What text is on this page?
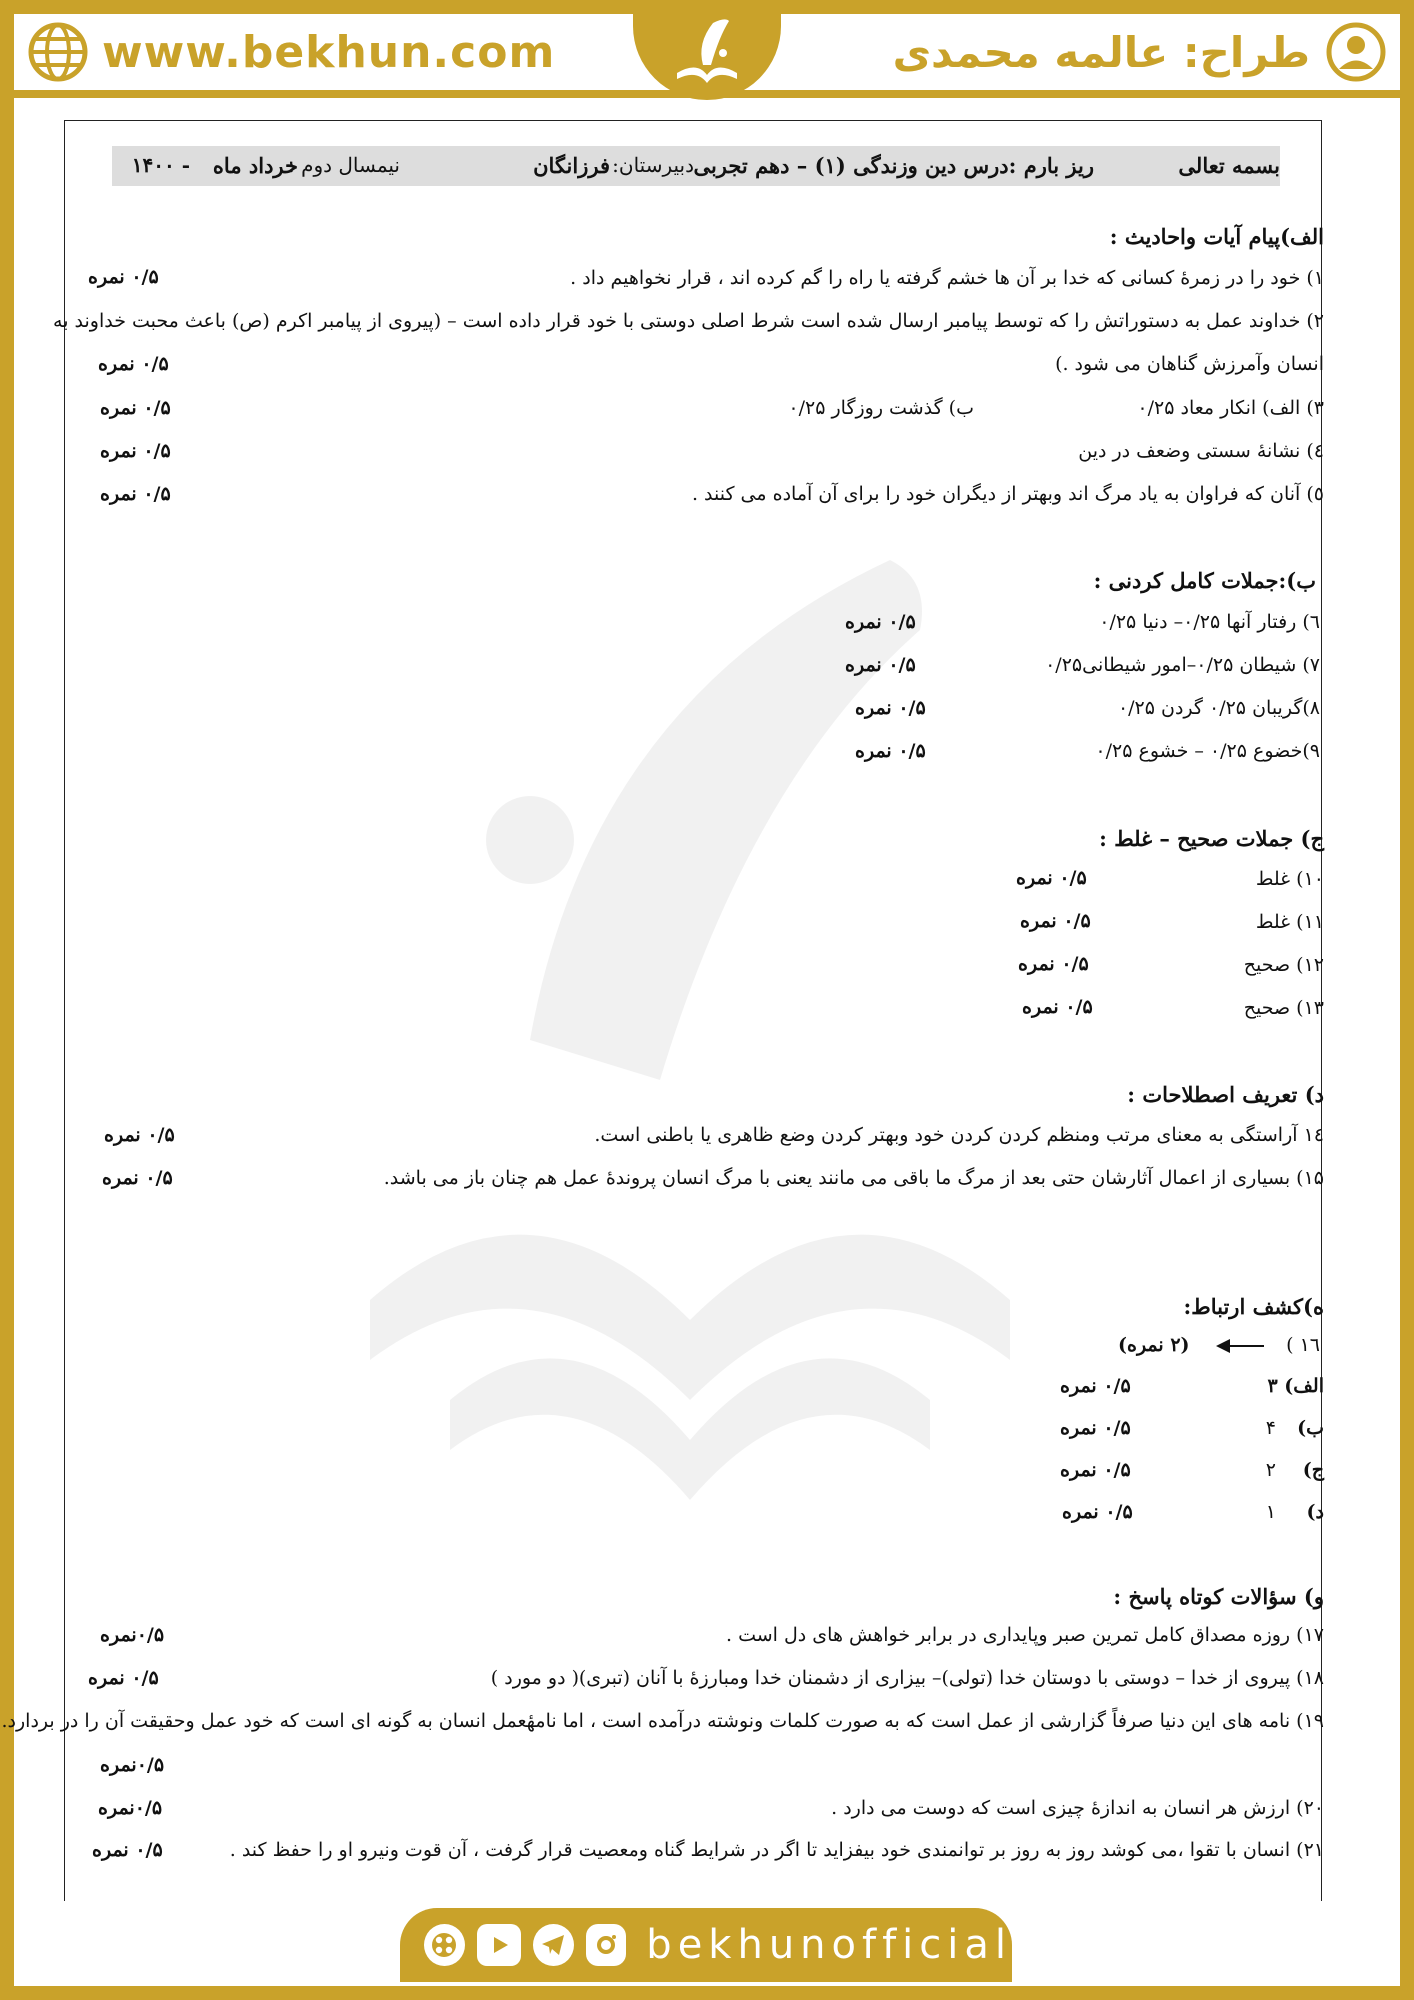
www.bekhun.com	طراح: عالمه محمدی
بسمه تعالی
ریز بارم :درس دین وزندگی (۱) – دهم تجربی
دبیرستان:
فرزانگان
نیمسال دوم :
خرداد ماه
- ۱۴۰۰
الف)پیام آیات واحادیث :
۱) خود را در زمرهٔ کسانی که خدا بر آن ها خشم گرفته یا راه را گم کرده اند ، قرار نخواهیم داد .
۰/۵ نمره
۲) خداوند عمل به دستوراتش را که توسط پیامبر ارسال شده است شرط اصلی دوستی با خود قرار داده است – (پیروی از پیامبر اکرم (ص) باعث محبت خداوند به
انسان وآمرزش گناهان می شود .)
۰/۵ نمره
۳) الف) انکار معاد ۰/۲۵
ب) گذشت روزگار ۰/۲۵
۰/۵ نمره
٤) نشانهٔ سستی وضعف در دین
۰/۵ نمره
٥) آنان که فراوان به یاد مرگ اند وبهتر از دیگران خود را برای آن آماده می کنند .
۰/۵ نمره
ب):جملات کامل کردنی :
٦) رفتار آنها ۰/۲۵– دنیا ۰/۲۵
۰/۵ نمره
۷) شیطان ۰/۲۵–امور شیطانی۰/۲۵
۰/۵ نمره
۸)گریبان ۰/۲۵ گردن ۰/۲۵
۰/۵ نمره
۹)خضوع ۰/۲۵ – خشوع ۰/۲۵
۰/۵ نمره
ج) جملات صحیح – غلط :
۱۰) غلط
۰/۵ نمره
۱۱) غلط
۰/۵ نمره
۱۲) صحیح
۰/۵ نمره
۱۳) صحیح
۰/۵ نمره
د) تعریف اصطلاحات :
١٤ آراستگی به معنای مرتب ومنظم کردن کردن خود وبهتر کردن وضع ظاهری یا باطنی است.
۰/۵ نمره
۱۵) بسیاری از اعمال آثارشان حتی بعد از مرگ ما باقی می مانند یعنی با مرگ انسان پروندهٔ عمل هم چنان باز می باشد.
۰/۵ نمره
ه)کشف ارتباط:
۱٦ )
(۲ نمره)
الف) ۳
۰/۵ نمره
ب)
۴
۰/۵ نمره
ج)
۲
۰/۵ نمره
د)
۱
۰/۵ نمره
و) سؤالات کوتاه پاسخ :
۱۷) روزه مصداق کامل تمرین صبر وپایداری در برابر خواهش های دل است .
۰/۵نمره
۱۸) پیروی از خدا – دوستی با دوستان خدا (تولی)– بیزاری از دشمنان خدا ومبارزهٔ با آنان (تبری)
( دو مورد )
۰/۵ نمره
۱۹) نامه های این دنیا صرفاً گزارشی از عمل است که به صورت کلمات ونوشته درآمده است ، اما نامهٔعمل انسان به گونه ای است که خود عمل وحقیقت آن را در بردارد.
۰/۵نمره
۲۰) ارزش هر انسان به اندازهٔ چیزی است که دوست می دارد .
۰/۵نمره
۲۱) انسان با تقوا ،می کوشد روز به روز بر توانمندی خود بیفزاید تا اگر در شرایط گناه ومعصیت قرار گرفت ، آن قوت ونیرو او را حفظ کند .
۰/۵ نمره
bekhunofficial
